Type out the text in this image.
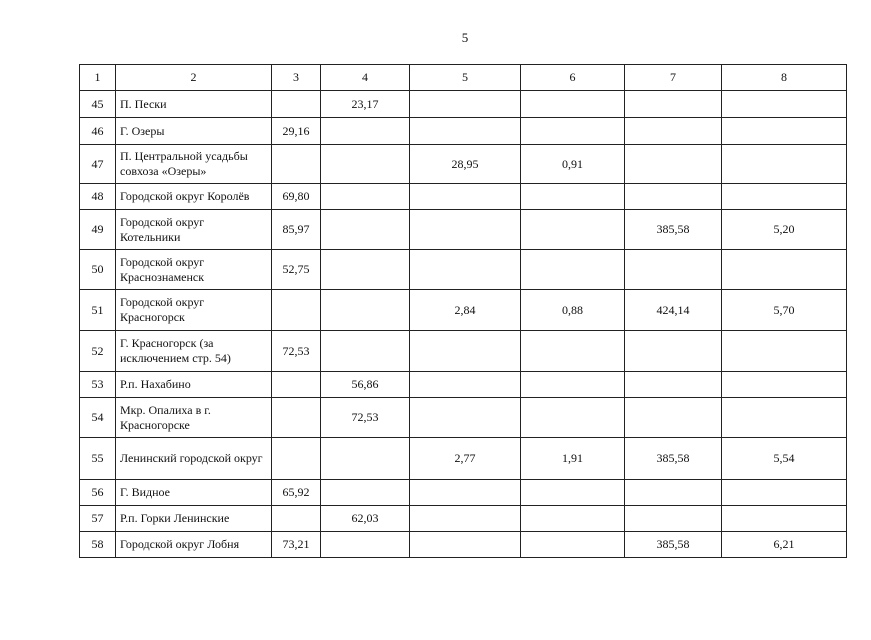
5
1	2	3	4	5	6	7	8
45	П. Пески		23,17				
46	Г. Озеры	29,16					
47	П. Центральной усадьбы совхоза «Озеры»			28,95	0,91		
48	Городской округ Королёв	69,80					
49	Городской округ Котельники	85,97				385,58	5,20
50	Городской округ Краснознаменск	52,75					
51	Городской округ Красногорск			2,84	0,88	424,14	5,70
52	Г. Красногорск (за исключением стр. 54)	72,53					
53	Р.п. Нахабино		56,86				
54	Мкр. Опалиха в г. Красногорске		72,53				
55	Ленинский городской округ			2,77	1,91	385,58	5,54
56	Г. Видное	65,92					
57	Р.п. Горки Ленинские		62,03				
58	Городской округ Лобня	73,21				385,58	6,21
